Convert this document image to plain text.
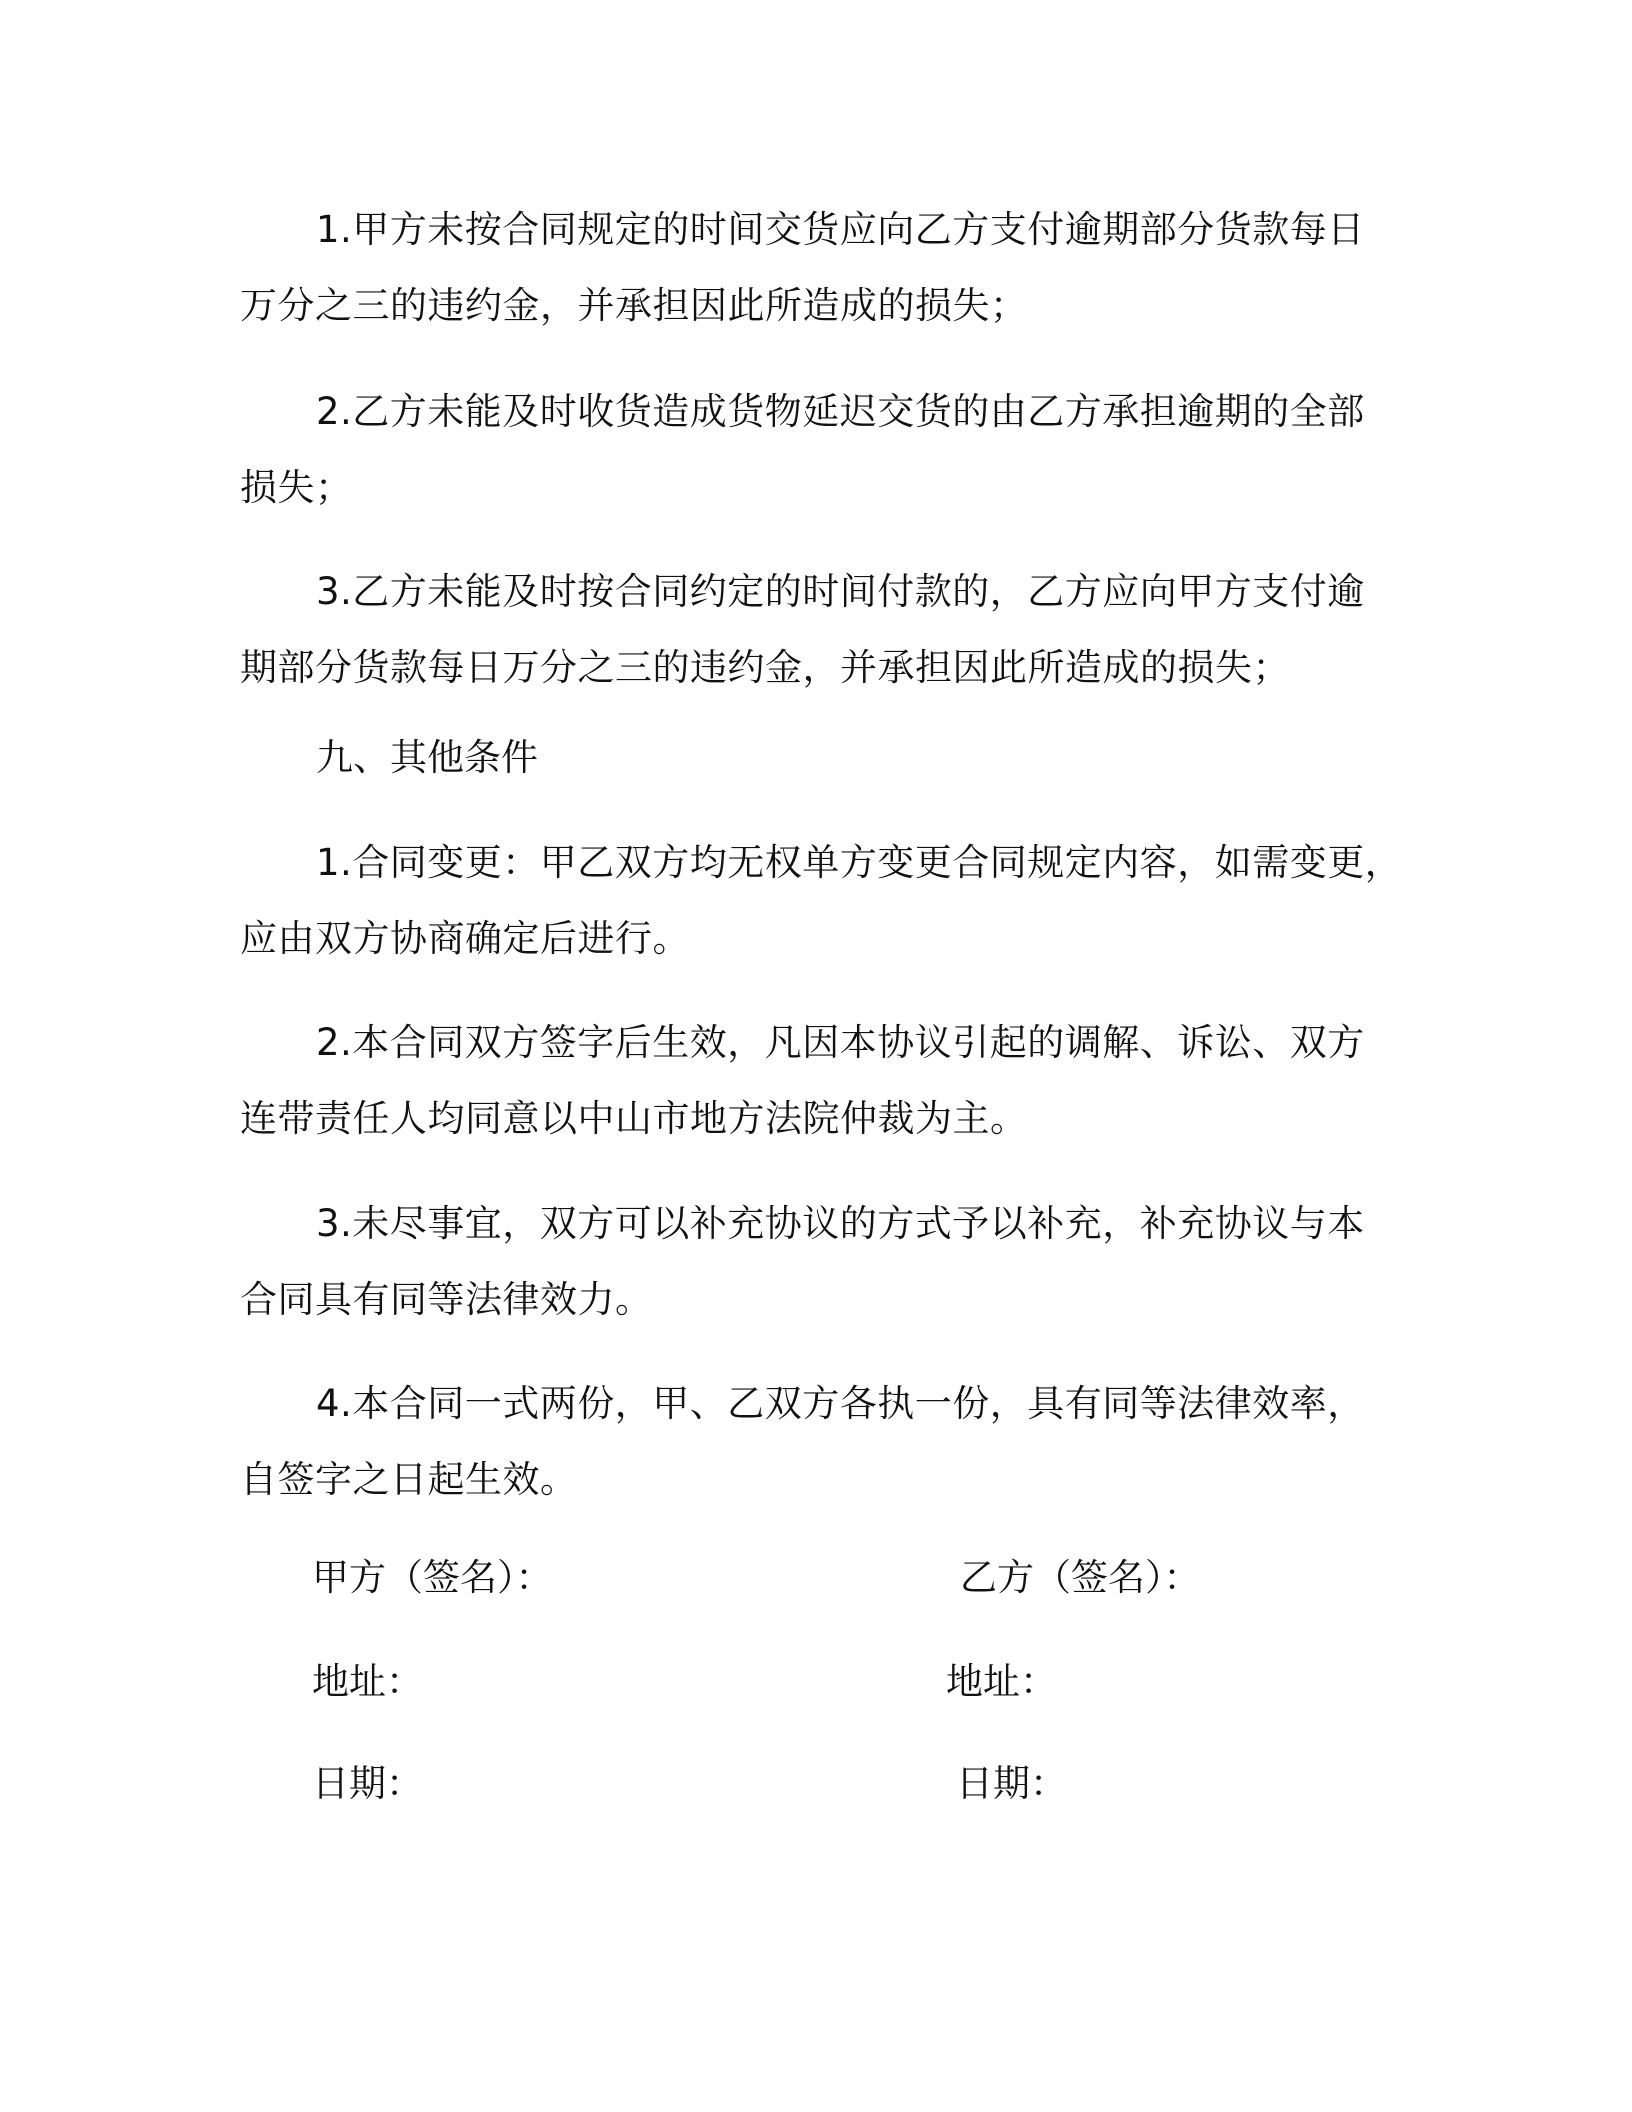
1.甲方未按合同规定的时间交货应向乙方支付逾期部分货款每日
万分之三的违约金，并承担因此所造成的损失；

2.乙方未能及时收货造成货物延迟交货的由乙方承担逾期的全部
损失；

3.乙方未能及时按合同约定的时间付款的，乙方应向甲方支付逾
期部分货款每日万分之三的违约金，并承担因此所造成的损失；

九、其他条件

1.合同变更：甲乙双方均无权单方变更合同规定内容，如需变更，
应由双方协商确定后进行。

2.本合同双方签字后生效，凡因本协议引起的调解、诉讼、双方
连带责任人均同意以中山市地方法院仲裁为主。

3.未尽事宜，双方可以补充协议的方式予以补充，补充协议与本
合同具有同等法律效力。

4.本合同一式两份，甲、乙双方各执一份，具有同等法律效率，
自签字之日起生效。

甲方（签名）：
地址：
日期：
乙方（签名）：
地址：
日期：
